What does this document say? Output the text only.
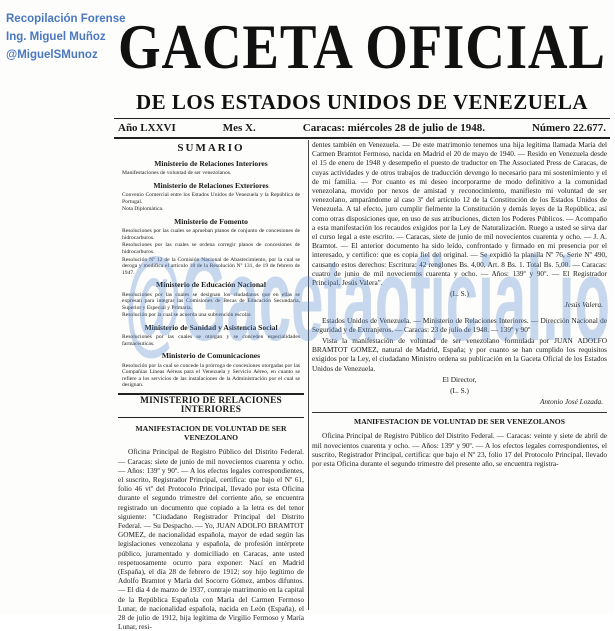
Recopilación Forense
Ing. Miguel Muñoz
@MiguelSMunoz GACETA OFICIAL
DE LOS ESTADOS UNIDOS DE VENEZUELA
Año LXXVI	Mes X.	Caracas: miércoles 28 de julio de 1948.	Número 22.677.
SUMARIO
Ministerio de Relaciones Interiores
Manifestaciones de voluntad de ser venezolanos.
Ministerio de Relaciones Exteriores
Convenio Comercial entre los Estados Unidos de Venezuela y la República de Portugal.
Nota Diplomática.
Ministerio de Fomento
Resoluciones por las cuales se aprueban planos de conjunto de concesiones de hidrocarburos.
Resoluciones por las cuales se ordena corregir planos de concesiones de hidrocarburos.
Resolución Nº 12 de la Comisión Nacional de Abastecimiento, por la cual se deroga y modifica el artículo 18 de la Resolución Nº 131, de 19 de febrero de 1947.
Ministerio de Educación Nacional
Resoluciones por las cuales se designan los ciudadanos que en ellas se expresan para integrar las Comisiones de Becas de Educación Secundaria, Superior y Especial y Primaria.
Resolución por la cual se acuerda una subvención escolar.
Ministerio de Sanidad y Asistencia Social
Resoluciones por las cuales se otorgan y se conceden especialidades farmacéuticas.
Ministerio de Comunicaciones
Resolución por la cual se concede la prórroga de concesiones otorgadas por las Compañías Líneas Aéreas para el Venezuela y Servicio Aéreo, en cuanto se refiere a los servicios de las instalaciones de la Administración por el cual se designan.
MINISTERIO DE RELACIONES INTERIORES
MANIFESTACION DE VOLUNTAD DE SER VENEZOLANO
Oficina Principal de Registro Público del Distrito Federal. — Caracas: siete de junio de mil novecientos cuarenta y ocho. — Años: 139º y 90º. — A los efectos legales correspondientes, el suscrito, Registrador Principal, certifica: que bajo el Nº 61, folio 46 vtº del Protocolo Principal, llevado por esta Oficina durante el segundo trimestre del corriente año, se encuentra registrado un documento que copiado a la letra es del tenor siguiente: "Ciudadano Registrador Principal del Distrito Federal. — Su Despacho. — Yo, JUAN ADOLFO BRAMTOT GOMEZ, de nacionalidad española, mayor de edad según las legislaciones venezolana y española, de profesión intérprete público, juramentado y domiciliado en Caracas, ante usted respetuosamente ocurro para exponer: Nací en Madrid (España), el día 28 de febrero de 1912; soy hijo legítimo de Adolfo Bramtot y María del Socorro Gómez, ambos difuntos. — El día 4 de marzo de 1937, contraje matrimonio en la capital de la República Española con María del Carmen Fermoso Lunar, de nacionalidad española, nacida en León (España), el 28 de julio de 1912, hija legítima de Virgilio Fermoso y María Lunar, resi-
dentes también en Venezuela. — De este matrimonio tenemos una hija legítima llamada María del Carmen Bramtot Fermoso, nacida en Madrid el 20 de mayo de 1940. — Resido en Venezuela desde el 15 de enero de 1948 y desempeño el puesto de traductor en The Associated Press de Caracas, de cuyas actividades y de otros trabajos de traducción devengo lo necesario para mi sostenimiento y el de mi familia. — Por cuanto es mi deseo incorporarme de modo definitivo a la comunidad venezolana, movido por nexos de amistad y reconocimiento, manifiesto mi voluntad de ser venezolano, amparándome al caso 3º del artículo 12 de la Constitución de los Estados Unidos de Venezuela. A tal efecto, juro cumplir fielmente la Constitución y demás leyes de la República, así como otras disposiciones que, en uso de sus atribuciones, dicten los Poderes Públicos. — Acompaño a esta manifestación los recaudos exigidos por la Ley de Naturalización. Ruego a usted se sirva dar el curso legal a este escrito. — Caracas, siete de junio de mil novecientos cuarenta y ocho. — J. A. Bramtot. — El anterior documento ha sido leído, confrontado y firmado en mi presencia por el interesado, y certifico: que es copia fiel del original. — Se expidió la planilla Nº 76, Serie Nº 490, causando estos derechos: Escritura: 42 renglones Bs. 4,00, Art. 8 Bs. 1. Total Bs. 5,00. — Caracas: cuatro de junio de mil novecientos cuarenta y ocho. — Años: 139º y 90º. — El Registrador Principal, Jesús Valera".
(L. S.)
Jesús Valera.
Estados Unidos de Venezuela. — Ministerio de Relaciones Interiores. — Dirección Nacional de Seguridad y de Extranjeros. — Caracas: 23 de julio de 1948. — 139º y 90º
Vista la manifestación de voluntad de ser venezolano formulada por JUAN ADOLFO BRAMTOT GOMEZ, natural de Madrid, España; y por cuanto se han cumplido los requisitos exigidos por la Ley, el ciudadano Ministro ordena su publicación en la Gaceta Oficial de los Estados Unidos de Venezuela.
El Director,
(L. S.)
Antonio José Lozada.
MANIFESTACION DE VOLUNTAD DE SER VENEZOLANOS
Oficina Principal de Registro Público del Distrito Federal. — Caracas: veinte y siete de abril de mil novecientos cuarenta y ocho. — Años: 139º y 90º. — A los efectos legales correspondientes, el suscrito, Registrador Principal, certifica: que bajo el Nº 23, folio 17 del Protocolo Principal, llevado por esta Oficina durante el segundo trimestre del presente año, se encuentra registra-
@Gacetaoficial.io
